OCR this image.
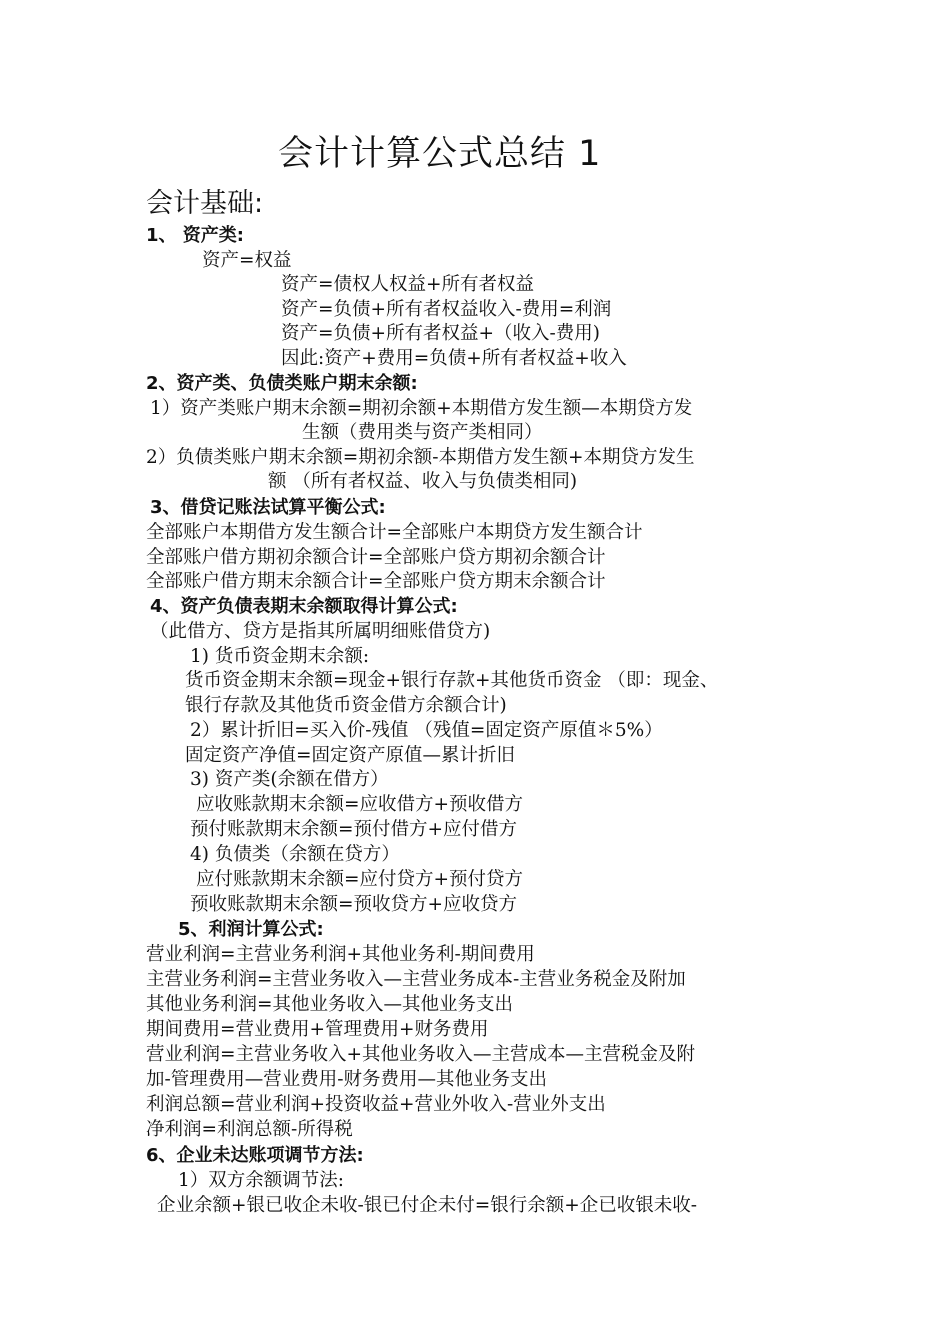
会计计算公式总结 1
会计基础:
1、 资产类:
资产=权益
资产=债权人权益+所有者权益
资产=负债+所有者权益收入-费用=利润
资产=负债+所有者权益+（收入-费用)
因此:资产+费用=负债+所有者权益+收入
2、资产类、负债类账户期末余额:
1）资产类账户期末余额=期初余额+本期借方发生额—本期贷方发
生额（费用类与资产类相同）
2）负债类账户期末余额=期初余额-本期借方发生额+本期贷方发生
额 （所有者权益、收入与负债类相同)
3、借贷记账法试算平衡公式:
全部账户本期借方发生额合计=全部账户本期贷方发生额合计
全部账户借方期初余额合计=全部账户贷方期初余额合计
全部账户借方期末余额合计=全部账户贷方期末余额合计
4、资产负债表期末余额取得计算公式:
（此借方、贷方是指其所属明细账借贷方)
1) 货币资金期末余额:
货币资金期末余额=现金+银行存款+其他货币资金 （即：现金、
银行存款及其他货币资金借方余额合计)
2）累计折旧=买入价-残值 （残值=固定资产原值＊5%）
固定资产净值=固定资产原值—累计折旧
3) 资产类(余额在借方）
应收账款期末余额=应收借方+预收借方
预付账款期末余额=预付借方+应付借方
4) 负债类（余额在贷方）
应付账款期末余额=应付贷方+预付贷方
预收账款期末余额=预收贷方+应收贷方
5、利润计算公式:
营业利润=主营业务利润+其他业务利-期间费用
主营业务利润=主营业务收入—主营业务成本-主营业务税金及附加
其他业务利润=其他业务收入—其他业务支出
期间费用=营业费用+管理费用+财务费用
营业利润=主营业务收入+其他业务收入—主营成本—主营税金及附
加-管理费用—营业费用-财务费用—其他业务支出
利润总额=营业利润+投资收益+营业外收入-营业外支出
净利润=利润总额-所得税
6、企业未达账项调节方法:
1）双方余额调节法:
企业余额+银已收企未收-银已付企未付=银行余额+企已收银未收-
